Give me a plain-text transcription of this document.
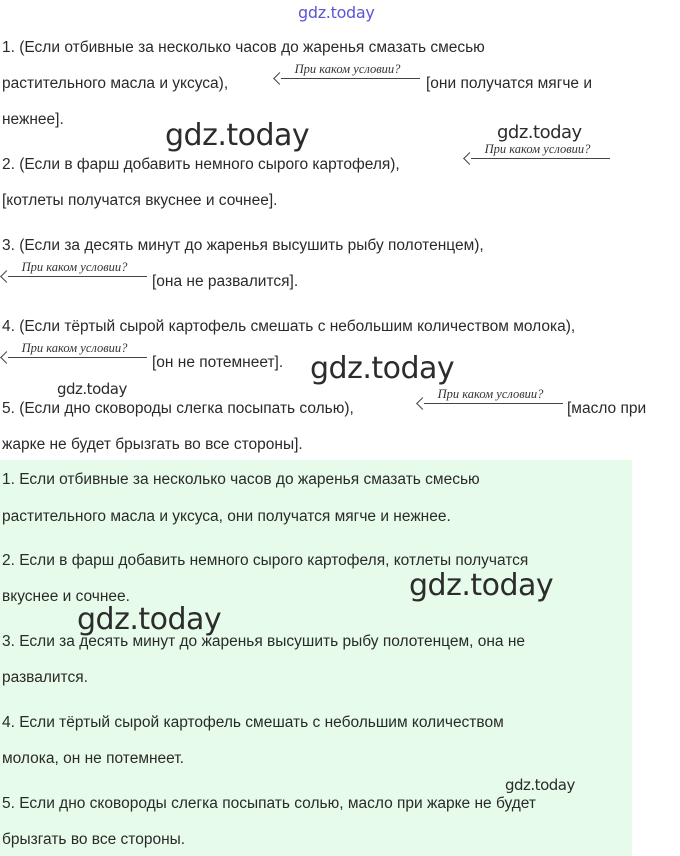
1. (Если отбивные за несколько часов до жаренья смазать смесью
растительного масла и уксуса),
При каком условии?
[они получатся мягче и
нежнее].
2. (Если в фарш добавить немного сырого картофеля),
При каком условии?
[котлеты получатся вкуснее и сочнее].
3. (Если за десять минут до жаренья высушить рыбу полотенцем),
При каком условии?
[она не развалится].
4. (Если тёртый сырой картофель смешать с небольшим количеством молока),
При каком условии?
[он не потемнеет].
5. (Если дно сковороды слегка посыпать солью),
При каком условии?
[масло при
жарке не будет брызгать во все стороны].
1. Если отбивные за несколько часов до жаренья смазать смесью
растительного масла и уксуса, они получатся мягче и нежнее.
2. Если в фарш добавить немного сырого картофеля, котлеты получатся
вкуснее и сочнее.
3. Если за десять минут до жаренья высушить рыбу полотенцем, она не
развалится.
4. Если тёртый сырой картофель смешать с небольшим количеством
молока, он не потемнеет.
5. Если дно сковороды слегка посыпать солью, масло при жарке не будет
брызгать во все стороны.
gdz.today
gdz.today	gdz.today
gdz.today
gdz.today
gdz.today
gdz.today
gdz.today
